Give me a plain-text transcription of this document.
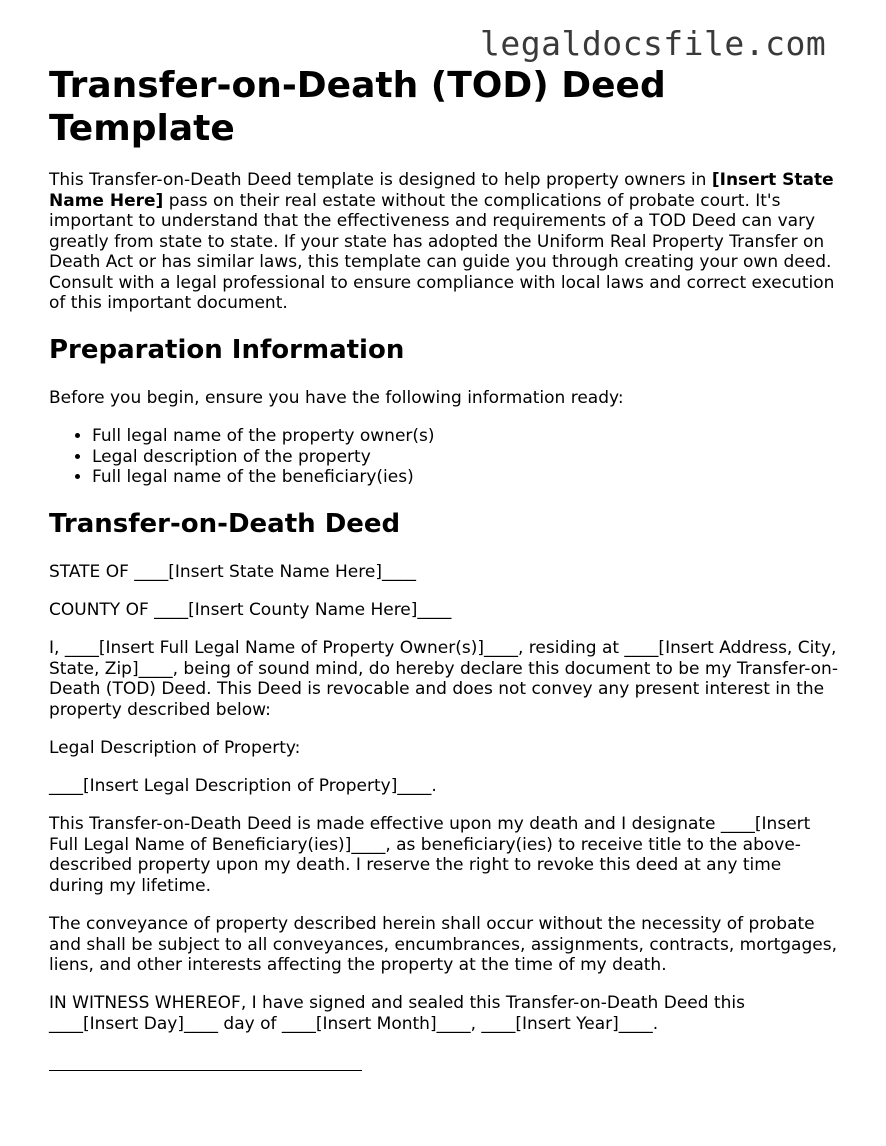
legaldocsfile.com
Transfer-on-Death (TOD) Deed Template

This Transfer-on-Death Deed template is designed to help property owners in [Insert State Name Here] pass on their real estate without the complications of probate court. It's important to understand that the effectiveness and requirements of a TOD Deed can vary greatly from state to state. If your state has adopted the Uniform Real Property Transfer on Death Act or has similar laws, this template can guide you through creating your own deed. Consult with a legal professional to ensure compliance with local laws and correct execution of this important document.

Preparation Information

Before you begin, ensure you have the following information ready:

• Full legal name of the property owner(s)
• Legal description of the property
• Full legal name of the beneficiary(ies)
Transfer-on-Death Deed

STATE OF ____[Insert State Name Here]____

COUNTY OF ____[Insert County Name Here]____

I, ____[Insert Full Legal Name of Property Owner(s)]____, residing at ____[Insert Address, City, State, Zip]____, being of sound mind, do hereby declare this document to be my Transfer-on-Death (TOD) Deed. This Deed is revocable and does not convey any present interest in the property described below:

Legal Description of Property:

____[Insert Legal Description of Property]____.

This Transfer-on-Death Deed is made effective upon my death and I designate ____[Insert Full Legal Name of Beneficiary(ies)]____, as beneficiary(ies) to receive title to the above-described property upon my death. I reserve the right to revoke this deed at any time during my lifetime.

The conveyance of property described herein shall occur without the necessity of probate and shall be subject to all conveyances, encumbrances, assignments, contracts, mortgages, liens, and other interests affecting the property at the time of my death.

IN WITNESS WHEREOF, I have signed and sealed this Transfer-on-Death Deed this ____[Insert Day]____ day of ____[Insert Month]____, ____[Insert Year]____.
